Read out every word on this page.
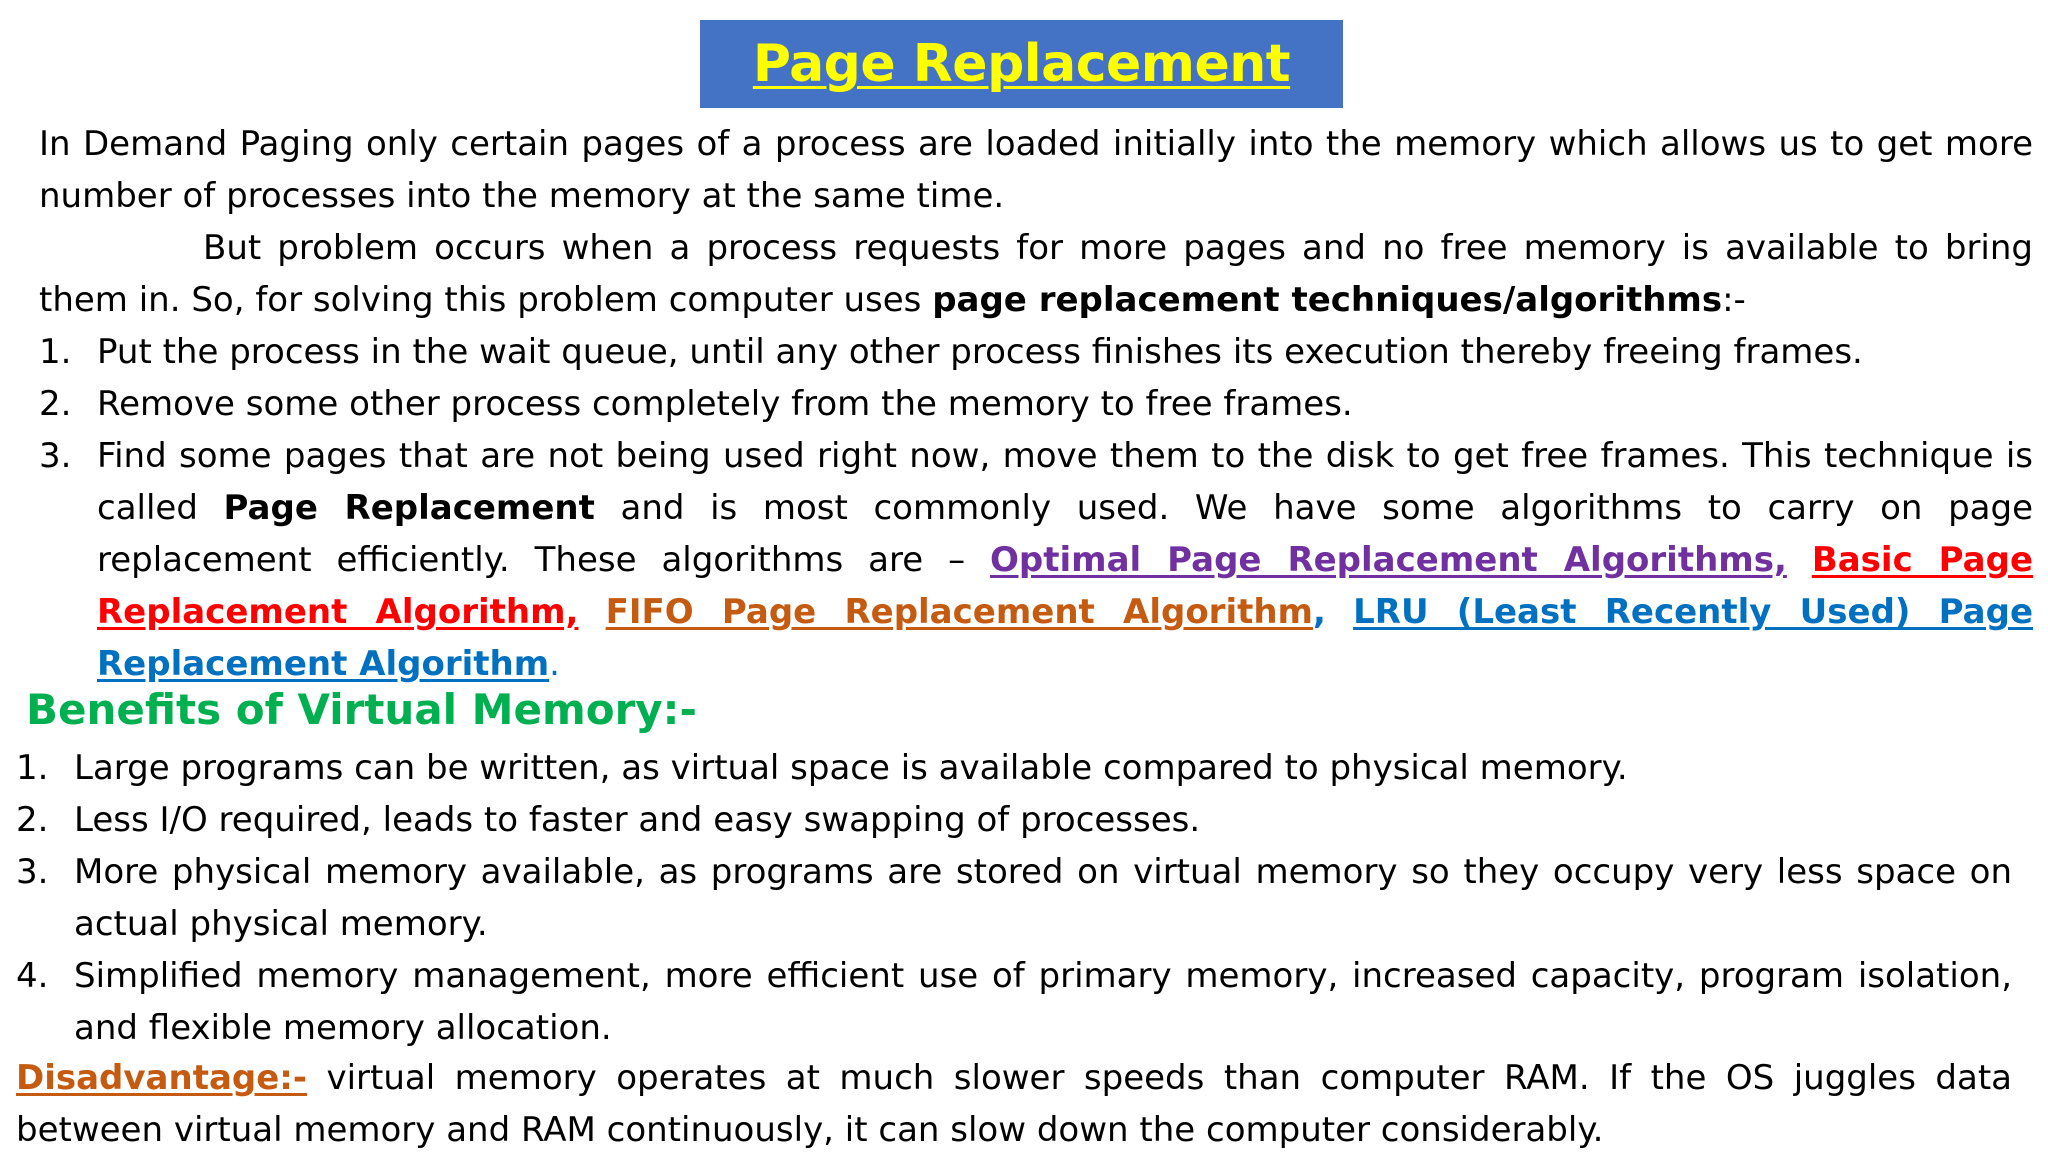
Page Replacement
In Demand Paging only certain pages of a process are loaded initially into the memory which allows us to get more number of processes into the memory at the same time.
But problem occurs when a process requests for more pages and no free memory is available to bring them in. So, for solving this problem computer uses page replacement techniques/algorithms:-
1. Put the process in the wait queue, until any other process finishes its execution thereby freeing frames.
2. Remove some other process completely from the memory to free frames.
3. Find some pages that are not being used right now, move them to the disk to get free frames. This technique is called Page Replacement and is most commonly used. We have some algorithms to carry on page replacement efficiently. These algorithms are – Optimal Page Replacement Algorithms, Basic Page Replacement Algorithm, FIFO Page Replacement Algorithm, LRU (Least Recently Used) Page Replacement Algorithm.
Benefits of Virtual Memory:-
1. Large programs can be written, as virtual space is available compared to physical memory.
2. Less I/O required, leads to faster and easy swapping of processes.
3. More physical memory available, as programs are stored on virtual memory so they occupy very less space on actual physical memory.
4. Simplified memory management, more efficient use of primary memory, increased capacity, program isolation, and flexible memory allocation.
Disadvantage:- virtual memory operates at much slower speeds than computer RAM. If the OS juggles data between virtual memory and RAM continuously, it can slow down the computer considerably.
